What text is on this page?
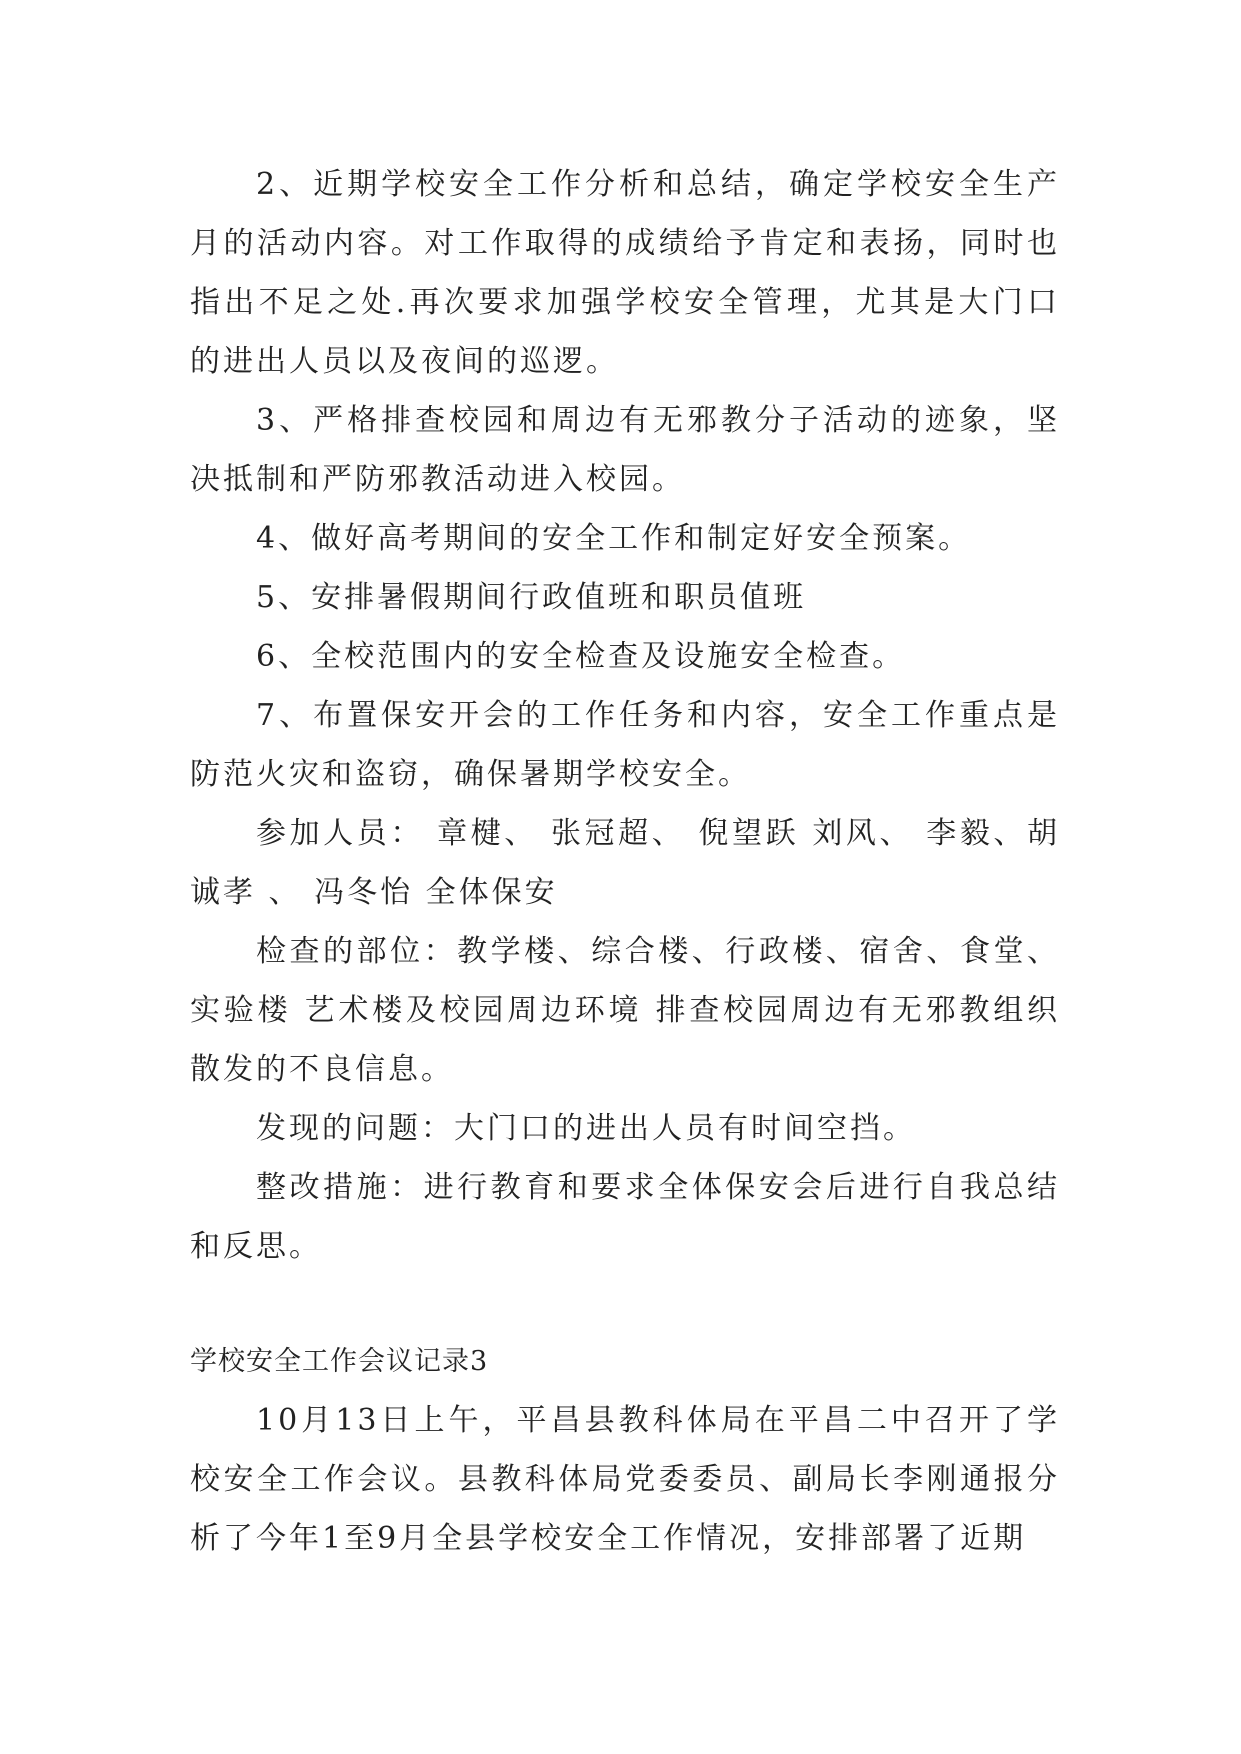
2、近期学校安全工作分析和总结，确定学校安全生产月的活动内容。对工作取得的成绩给予肯定和表扬，同时也指出不足之处.再次要求加强学校安全管理，尤其是大门口的进出人员以及夜间的巡逻。

3、严格排查校园和周边有无邪教分子活动的迹象，坚决抵制和严防邪教活动进入校园。

4、做好高考期间的安全工作和制定好安全预案。

5、安排暑假期间行政值班和职员值班

6、全校范围内的安全检查及设施安全检查。

7、布置保安开会的工作任务和内容，安全工作重点是防范火灾和盗窃，确保暑期学校安全。

参加人员： 章楗、 张冠超、 倪望跃 刘风、 李毅、胡诚孝 、 冯冬怡 全体保安

检查的部位：教学楼、综合楼、行政楼、宿舍、食堂、实验楼 艺术楼及校园周边环境 排查校园周边有无邪教组织散发的不良信息。

发现的问题：大门口的进出人员有时间空挡。

整改措施：进行教育和要求全体保安会后进行自我总结和反思。

学校安全工作会议记录3

10月13日上午，平昌县教科体局在平昌二中召开了学校安全工作会议。县教科体局党委委员、副局长李刚通报分析了今年1至9月全县学校安全工作情况，安排部署了近期
